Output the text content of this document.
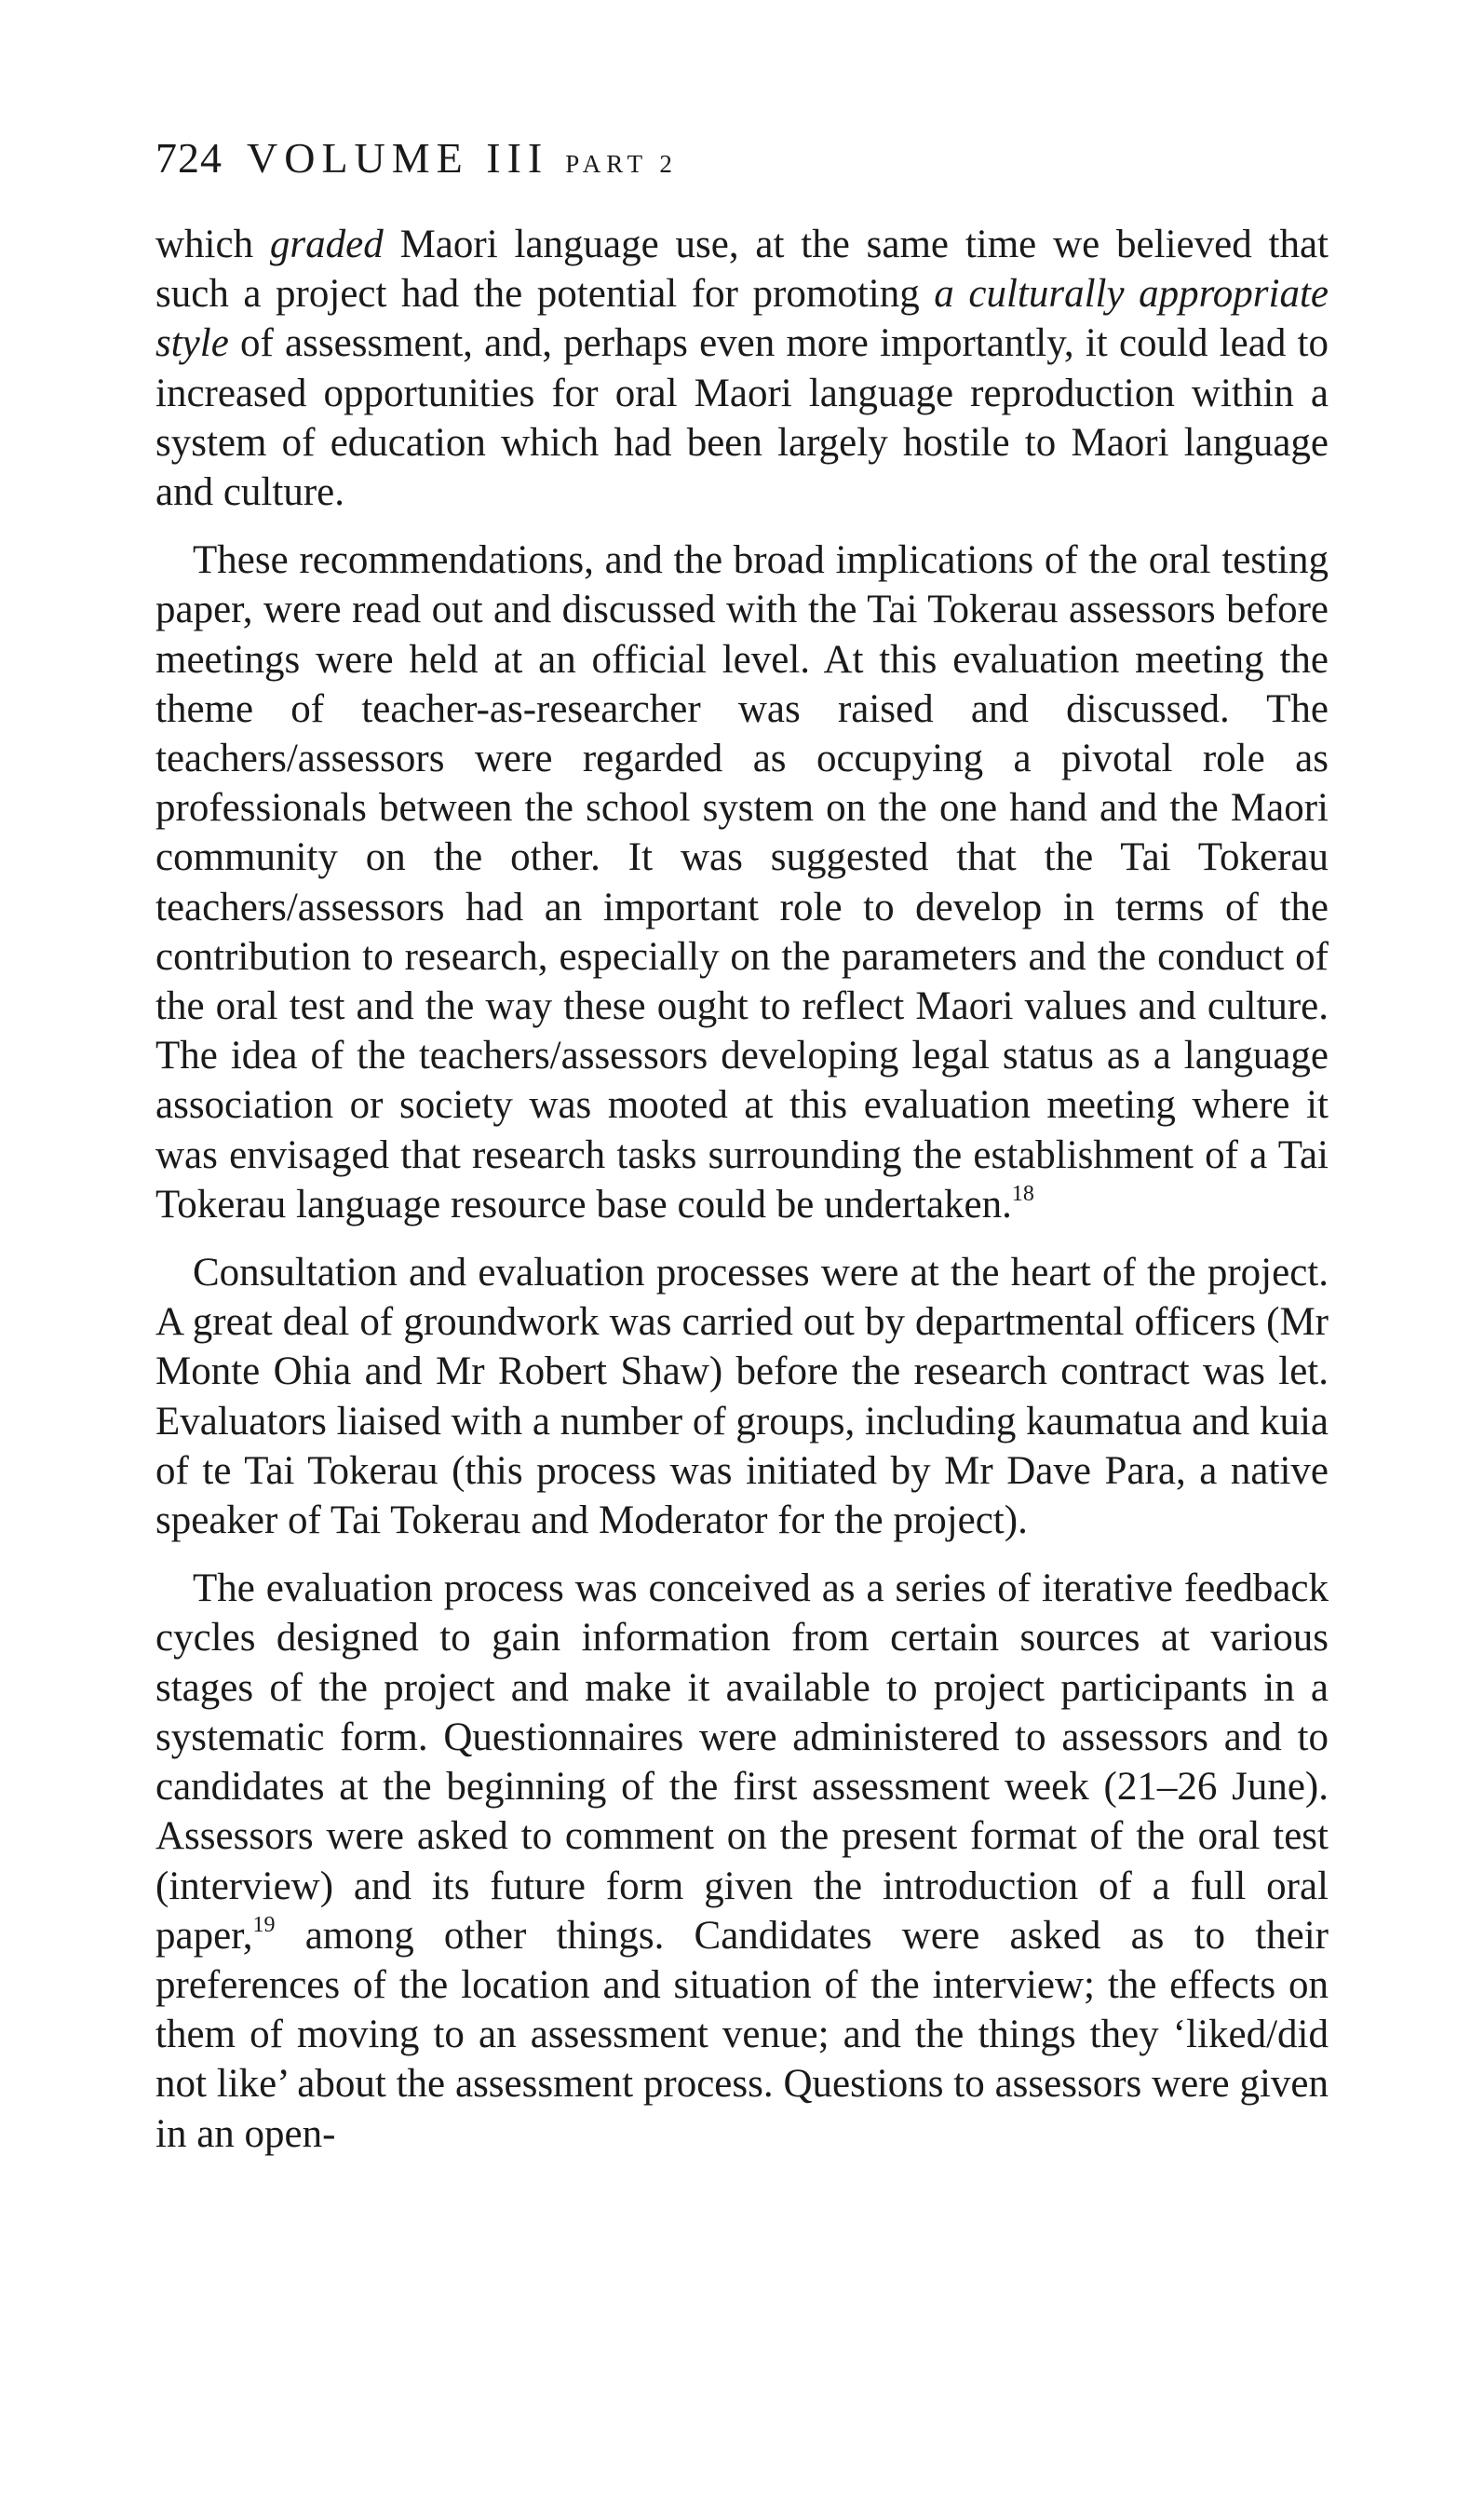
724 VOLUME III PART 2

which graded Maori language use, at the same time we believed that such a project had the potential for promoting a culturally appropriate style of assessment, and, perhaps even more importantly, it could lead to increased opportunities for oral Maori language reproduction within a system of education which had been largely hostile to Maori language and culture.

These recommendations, and the broad implications of the oral testing paper, were read out and discussed with the Tai Tokerau assessors before meetings were held at an official level. At this evaluation meeting the theme of teacher-as-researcher was raised and discussed. The teachers/assessors were regarded as occupying a pivotal role as professionals between the school system on the one hand and the Maori community on the other. It was suggested that the Tai Tokerau teachers/assessors had an important role to develop in terms of the contribution to research, especially on the parameters and the conduct of the oral test and the way these ought to reflect Maori values and culture. The idea of the teachers/assessors developing legal status as a language association or society was mooted at this evaluation meeting where it was envisaged that research tasks surrounding the establishment of a Tai Tokerau language resource base could be undertaken.$^{18}$

Consultation and evaluation processes were at the heart of the project. A great deal of groundwork was carried out by departmental officers (Mr Monte Ohia and Mr Robert Shaw) before the research contract was let. Evaluators liaised with a number of groups, including kaumatua and kuia of te Tai Tokerau (this process was initiated by Mr Dave Para, a native speaker of Tai Tokerau and Moderator for the project).

The evaluation process was conceived as a series of iterative feedback cycles designed to gain information from certain sources at various stages of the project and make it available to project participants in a systematic form. Questionnaires were administered to assessors and to candidates at the beginning of the first assessment week (21–26 June). Assessors were asked to comment on the present format of the oral test (interview) and its future form given the introduction of a full oral paper,$^{19}$ among other things. Candidates were asked as to their preferences of the location and situation of the interview; the effects on them of moving to an assessment venue; and the things they ‘liked/did not like’ about the assessment process. Questions to assessors were given in an open-
